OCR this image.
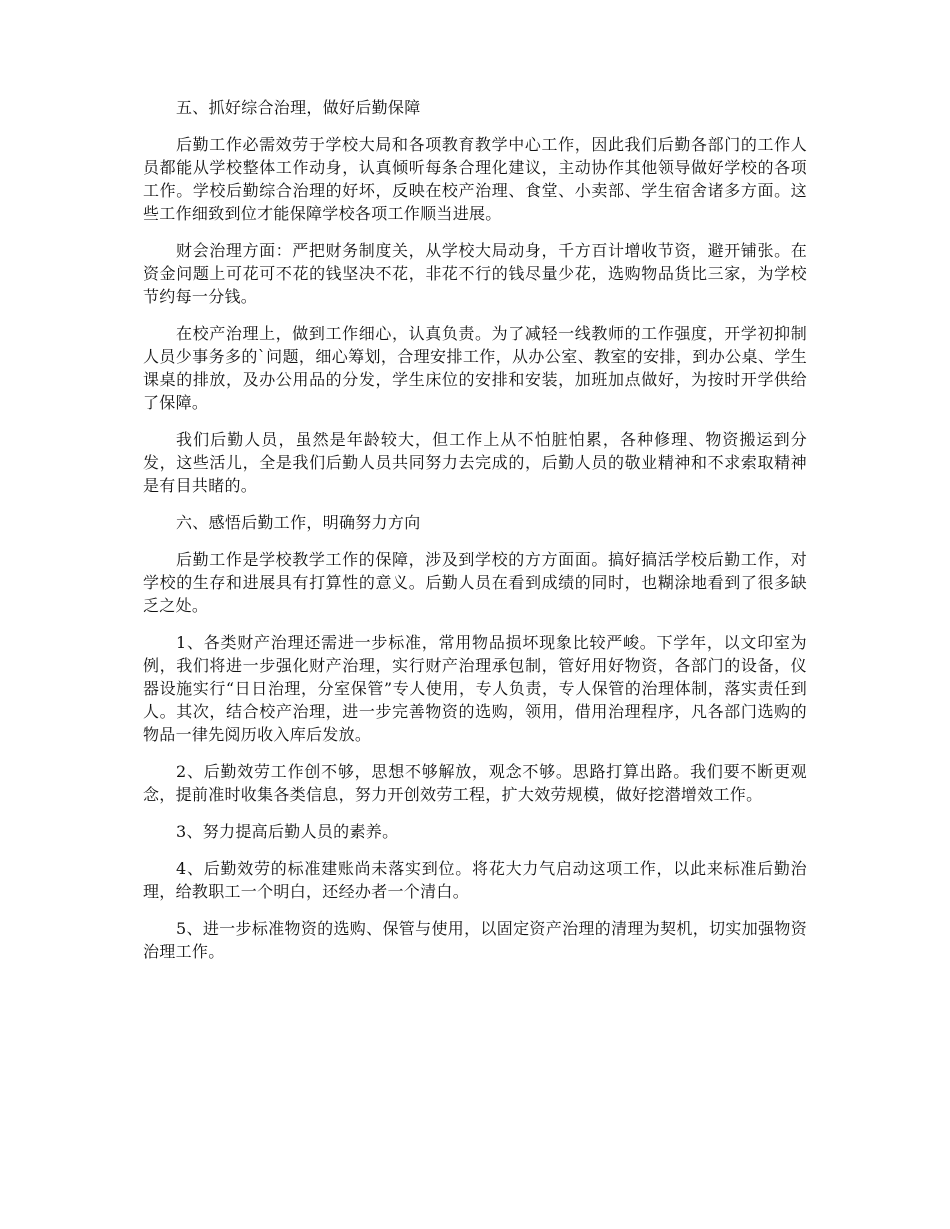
五、抓好综合治理，做好后勤保障

后勤工作必需效劳于学校大局和各项教育教学中心工作，因此我们后勤各部门的工作人员都能从学校整体工作动身，认真倾听每条合理化建议，主动协作其他领导做好学校的各项工作。学校后勤综合治理的好坏，反映在校产治理、食堂、小卖部、学生宿舍诸多方面。这些工作细致到位才能保障学校各项工作顺当进展。

财会治理方面：严把财务制度关，从学校大局动身，千方百计增收节资，避开铺张。在资金问题上可花可不花的钱坚决不花，非花不行的钱尽量少花，选购物品货比三家，为学校节约每一分钱。

在校产治理上，做到工作细心，认真负责。为了减轻一线教师的工作强度，开学初抑制人员少事务多的`问题，细心筹划，合理安排工作，从办公室、教室的安排，到办公桌、学生课桌的排放，及办公用品的分发，学生床位的安排和安装，加班加点做好，为按时开学供给了保障。

我们后勤人员，虽然是年龄较大，但工作上从不怕脏怕累，各种修理、物资搬运到分发，这些活儿，全是我们后勤人员共同努力去完成的，后勤人员的敬业精神和不求索取精神是有目共睹的。

六、感悟后勤工作，明确努力方向

后勤工作是学校教学工作的保障，涉及到学校的方方面面。搞好搞活学校后勤工作，对学校的生存和进展具有打算性的意义。后勤人员在看到成绩的同时，也糊涂地看到了很多缺乏之处。

1、各类财产治理还需进一步标准，常用物品损坏现象比较严峻。下学年，以文印室为例，我们将进一步强化财产治理，实行财产治理承包制，管好用好物资，各部门的设备，仪器设施实行“日日治理，分室保管”专人使用，专人负责，专人保管的治理体制，落实责任到人。其次，结合校产治理，进一步完善物资的选购，领用，借用治理程序，凡各部门选购的物品一律先阅历收入库后发放。

2、后勤效劳工作创不够，思想不够解放，观念不够。思路打算出路。我们要不断更观念，提前准时收集各类信息，努力开创效劳工程，扩大效劳规模，做好挖潜增效工作。

3、努力提高后勤人员的素养。

4、后勤效劳的标准建账尚未落实到位。将花大力气启动这项工作，以此来标准后勤治理，给教职工一个明白，还经办者一个清白。

5、进一步标准物资的选购、保管与使用，以固定资产治理的清理为契机，切实加强物资治理工作。
